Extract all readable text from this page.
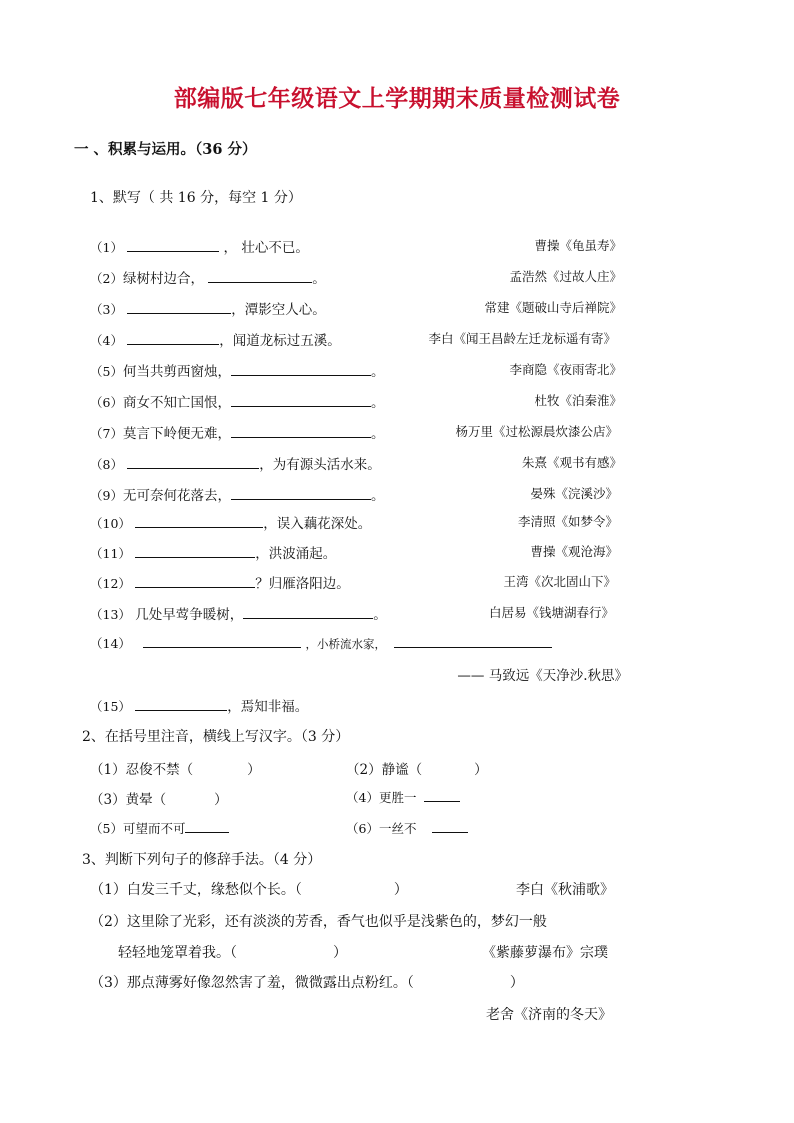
部编版七年级语文上学期期末质量检测试卷
一 、积累与运用。（36 分）
1、默写（ 共 16 分，每空 1 分）
（1）	， 壮心不已。	曹操《龟虽寿》
（2）绿树村边合，	。	孟浩然《过故人庄》
（3）	，潭影空人心。	常建《题破山寺后禅院》
（4）	，闻道龙标过五溪。	李白《闻王昌龄左迁龙标遥有寄》
（5）何当共剪西窗烛，	。	李商隐《夜雨寄北》
（6）商女不知亡国恨，	。	杜牧《泊秦淮》
（7）莫言下岭便无难，	。	杨万里《过松源晨炊漆公店》
（8）	，为有源头活水来。	朱熹《观书有感》
（9）无可奈何花落去，	。	晏殊《浣溪沙》
（10）	，误入藕花深处。	李清照《如梦令》
（11）	，洪波涌起。	曹操《观沧海》
（12）	？归雁洛阳边。	王湾《次北固山下》
（13） 几处早莺争暖树，	。	白居易《钱塘湖春行》
（14）	，小桥流水家，
—— 马致远《天净沙.秋思》
（15）	，焉知非福。
2、在括号里注音，横线上写汉字。（3 分）
（1）忍俊不禁（	）	（2）静谧（	）
（3）黄晕（	）	（4）更胜一
（5）可望而不可	（6）一丝不
3、判断下列句子的修辞手法。（4 分）
（1）白发三千丈，缘愁似个长。（	）	李白《秋浦歌》
（2）这里除了光彩，还有淡淡的芳香，香气也似乎是浅紫色的，梦幻一般
轻轻地笼罩着我。（	）	《紫藤萝瀑布》宗璞
（3）那点薄雾好像忽然害了羞，微微露出点粉红。（	）
老舍《济南的冬天》
